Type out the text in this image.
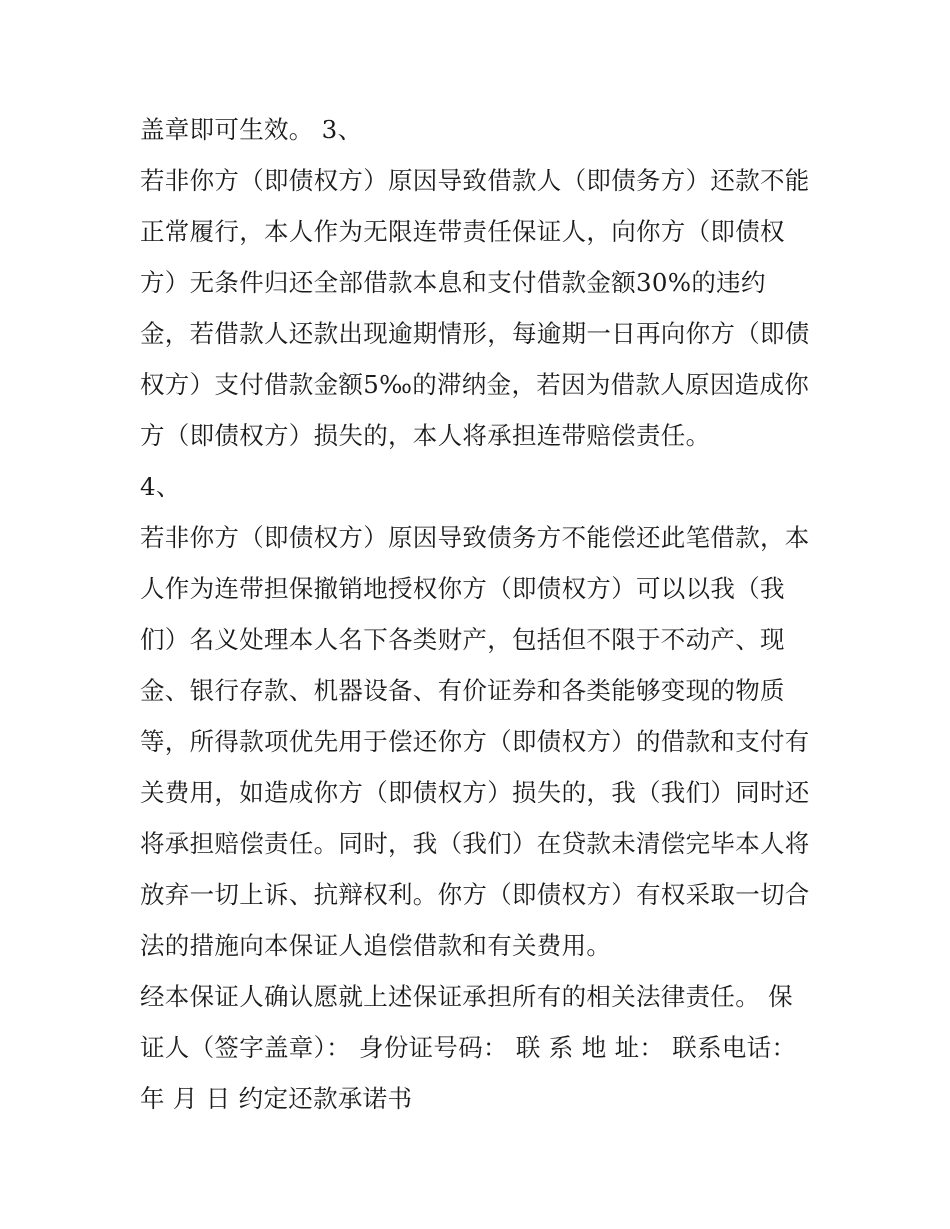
盖章即可生效。 3、
若非你方（即债权方）原因导致借款人（即债务方）还款不能
正常履行，本人作为无限连带责任保证人，向你方（即债权
方）无条件归还全部借款本息和支付借款金额30%的违约
金，若借款人还款出现逾期情形，每逾期一日再向你方（即债
权方）支付借款金额5‰的滞纳金，若因为借款人原因造成你
方（即债权方）损失的，本人将承担连带赔偿责任。
4、
若非你方（即债权方）原因导致债务方不能偿还此笔借款，本
人作为连带担保撤销地授权你方（即债权方）可以以我（我
们）名义处理本人名下各类财产，包括但不限于不动产、现
金、银行存款、机器设备、有价证券和各类能够变现的物质
等，所得款项优先用于偿还你方（即债权方）的借款和支付有
关费用，如造成你方（即债权方）损失的，我（我们）同时还
将承担赔偿责任。同时，我（我们）在贷款未清偿完毕本人将
放弃一切上诉、抗辩权利。你方（即债权方）有权采取一切合
法的措施向本保证人追偿借款和有关费用。
经本保证人确认愿就上述保证承担所有的相关法律责任。 保
证人（签字盖章）： 身份证号码： 联 系 地 址： 联系电话：
年 月 日 约定还款承诺书
